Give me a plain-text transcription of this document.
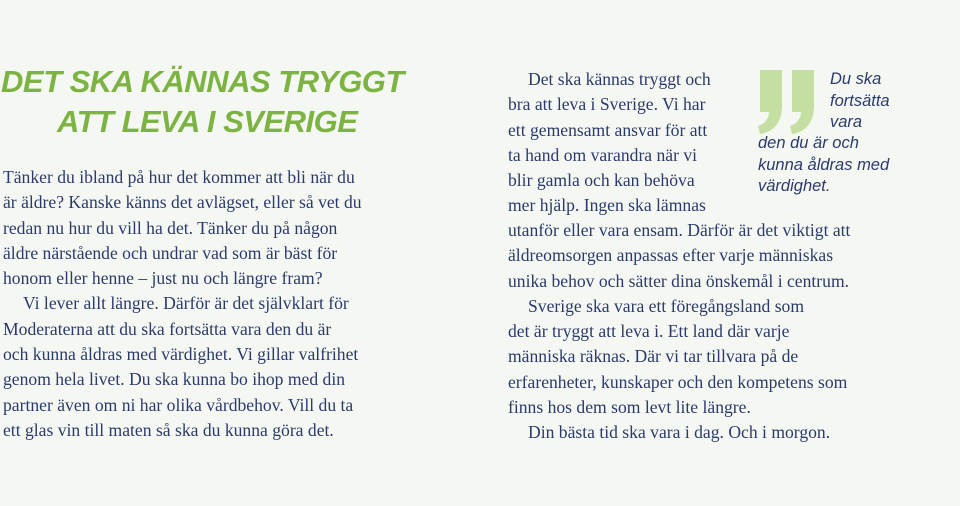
DET SKA KÄNNAS TRYGGT
ATT LEVA I SVERIGE
Tänker du ibland på hur det kommer att bli när du
är äldre? Kanske känns det avlägset, eller så vet du
redan nu hur du vill ha det. Tänker du på någon
äldre närstående och undrar vad som är bäst för
honom eller henne – just nu och längre fram?
Vi lever allt längre. Därför är det självklart för
Moderaterna att du ska fortsätta vara den du är
och kunna åldras med värdighet. Vi gillar valfrihet
genom hela livet. Du ska kunna bo ihop med din
partner även om ni har olika vårdbehov. Vill du ta
ett glas vin till maten så ska du kunna göra det.
Det ska kännas tryggt och
bra att leva i Sverige. Vi har
ett gemensamt ansvar för att
ta hand om varandra när vi
blir gamla och kan behöva
mer hjälp. Ingen ska lämnas
utanför eller vara ensam. Därför är det viktigt att
äldreomsorgen anpassas efter varje människas
unika behov och sätter dina önskemål i centrum.
Sverige ska vara ett föregångsland som
det är tryggt att leva i. Ett land där varje
människa räknas. Där vi tar tillvara på de
erfarenheter, kunskaper och den kompetens som
finns hos dem som levt lite längre.
Din bästa tid ska vara i dag. Och i morgon.
Du ska
fortsätta
vara
den du är och
kunna åldras med
värdighet.
